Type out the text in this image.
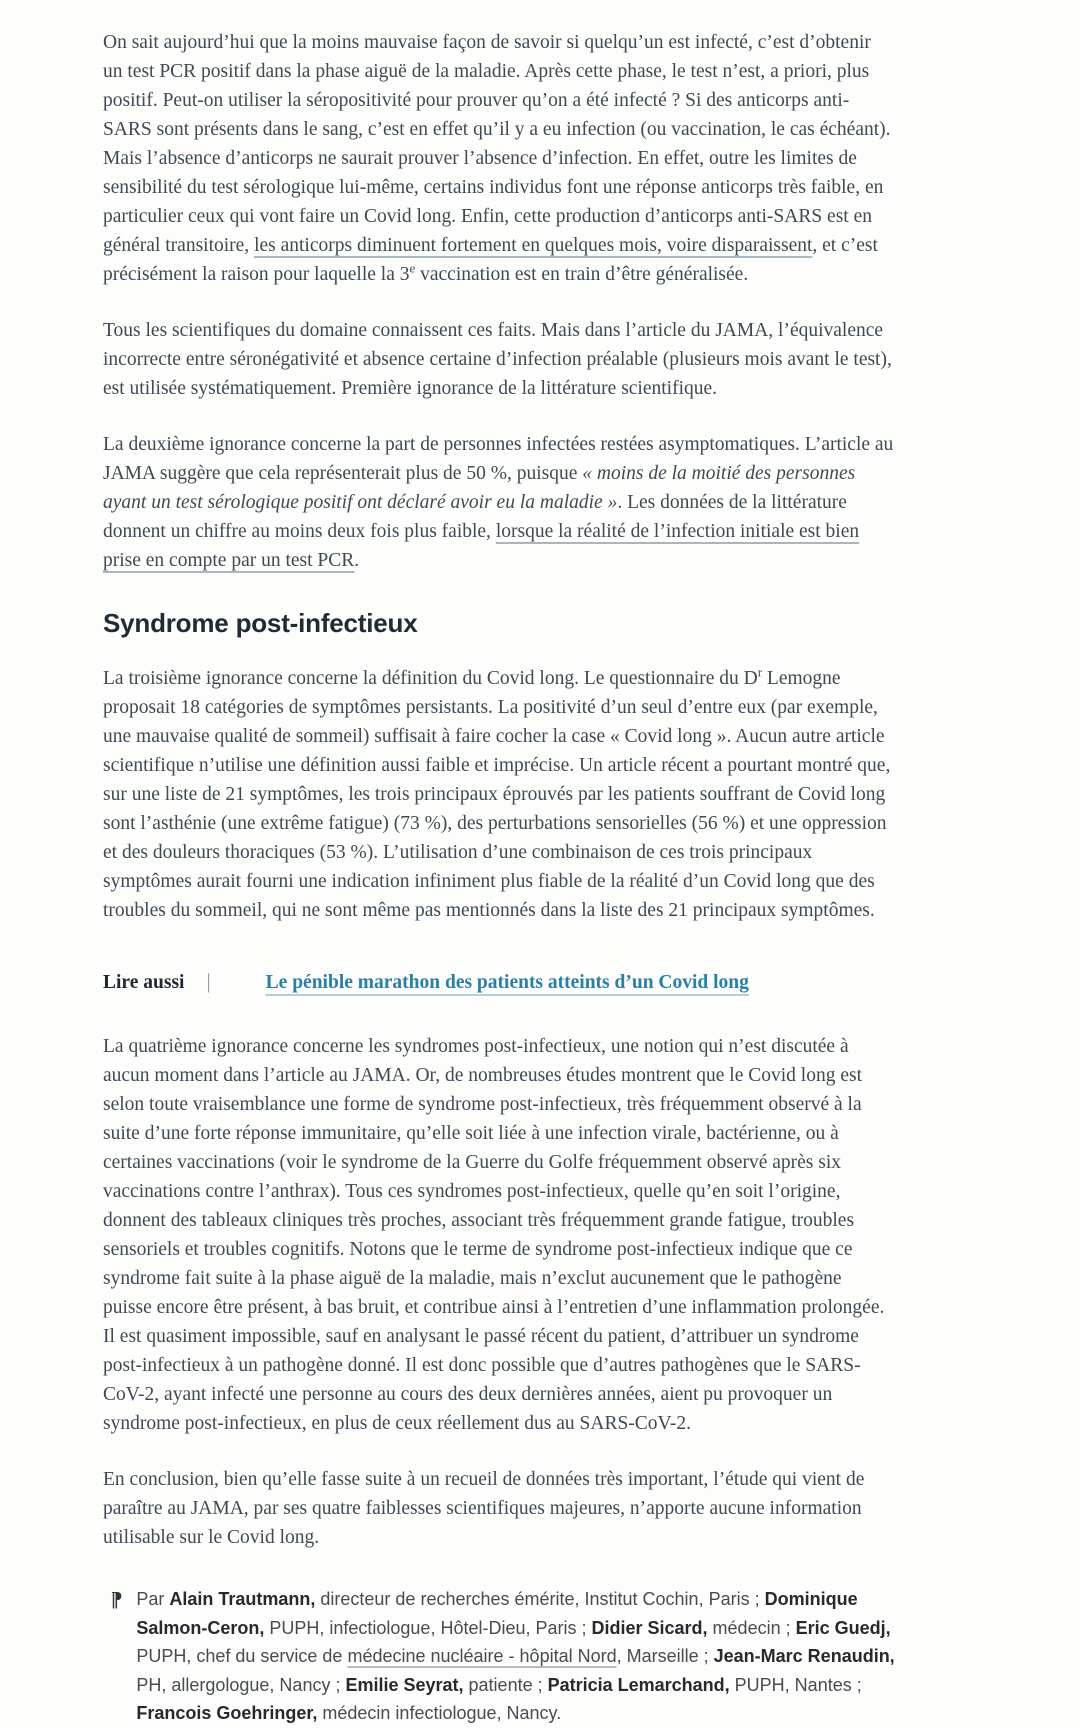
On sait aujourd’hui que la moins mauvaise façon de savoir si quelqu’un est infecté, c’est d’obtenir un test PCR positif dans la phase aiguë de la maladie. Après cette phase, le test n’est, a priori, plus positif. Peut-on utiliser la séropositivité pour prouver qu’on a été infecté ? Si des anticorps anti-SARS sont présents dans le sang, c’est en effet qu’il y a eu infection (ou vaccination, le cas échéant). Mais l’absence d’anticorps ne saurait prouver l’absence d’infection. En effet, outre les limites de sensibilité du test sérologique lui-même, certains individus font une réponse anticorps très faible, en particulier ceux qui vont faire un Covid long. Enfin, cette production d’anticorps anti-SARS est en général transitoire, les anticorps diminuent fortement en quelques mois, voire disparaissent, et c’est précisément la raison pour laquelle la 3e vaccination est en train d’être généralisée.

Tous les scientifiques du domaine connaissent ces faits. Mais dans l’article du JAMA, l’équivalence incorrecte entre séronégativité et absence certaine d’infection préalable (plusieurs mois avant le test), est utilisée systématiquement. Première ignorance de la littérature scientifique.

La deuxième ignorance concerne la part de personnes infectées restées asymptomatiques. L’article au JAMA suggère que cela représenterait plus de 50 %, puisque « moins de la moitié des personnes ayant un test sérologique positif ont déclaré avoir eu la maladie ». Les données de la littérature donnent un chiffre au moins deux fois plus faible, lorsque la réalité de l’infection initiale est bien prise en compte par un test PCR.

Syndrome post-infectieux

La troisième ignorance concerne la définition du Covid long. Le questionnaire du $D^r$ Lemogne proposait 18 catégories de symptômes persistants. La positivité d’un seul d’entre eux (par exemple, une mauvaise qualité de sommeil) suffisait à faire cocher la case « Covid long ». Aucun autre article scientifique n’utilise une définition aussi faible et imprécise. Un article récent a pourtant montré que, sur une liste de 21 symptômes, les trois principaux éprouvés par les patients souffrant de Covid long sont l’asthénie (une extrême fatigue) (73 %), des perturbations sensorielles (56 %) et une oppression et des douleurs thoraciques (53 %). L’utilisation d’une combinaison de ces trois principaux symptômes aurait fourni une indication infiniment plus fiable de la réalité d’un Covid long que des troubles du sommeil, qui ne sont même pas mentionnés dans la liste des 21 principaux symptômes.

Lire aussi |	Le pénible marathon des patients atteints d’un Covid long

La quatrième ignorance concerne les syndromes post-infectieux, une notion qui n’est discutée à aucun moment dans l’article au JAMA. Or, de nombreuses études montrent que le Covid long est selon toute vraisemblance une forme de syndrome post-infectieux, très fréquemment observé à la suite d’une forte réponse immunitaire, qu’elle soit liée à une infection virale, bactérienne, ou à certaines vaccinations (voir le syndrome de la Guerre du Golfe fréquemment observé après six vaccinations contre l’anthrax). Tous ces syndromes post-infectieux, quelle qu’en soit l’origine, donnent des tableaux cliniques très proches, associant très fréquemment grande fatigue, troubles sensoriels et troubles cognitifs. Notons que le terme de syndrome post-infectieux indique que ce syndrome fait suite à la phase aiguë de la maladie, mais n’exclut aucunement que le pathogène puisse encore être présent, à bas bruit, et contribue ainsi à l’entretien d’une inflammation prolongée. Il est quasiment impossible, sauf en analysant le passé récent du patient, d’attribuer un syndrome post-infectieux à un pathogène donné. Il est donc possible que d’autres pathogènes que le SARS-CoV-2, ayant infecté une personne au cours des deux dernières années, aient pu provoquer un syndrome post-infectieux, en plus de ceux réellement dus au SARS-CoV-2.

En conclusion, bien qu’elle fasse suite à un recueil de données très important, l’étude qui vient de paraître au JAMA, par ses quatre faiblesses scientifiques majeures, n’apporte aucune information utilisable sur le Covid long.

¶ Par Alain Trautmann, directeur de recherches émérite, Institut Cochin, Paris ; Dominique Salmon-Ceron, PUPH, infectiologue, Hôtel-Dieu, Paris ; Didier Sicard, médecin ; Eric Guedj, PUPH, chef du service de médecine nucléaire - hôpital Nord, Marseille ; Jean-Marc Renaudin, PH, allergologue, Nancy ; Emilie Seyrat, patiente ; Patricia Lemarchand, PUPH, Nantes ; Francois Goehringer, médecin infectiologue, Nancy.
